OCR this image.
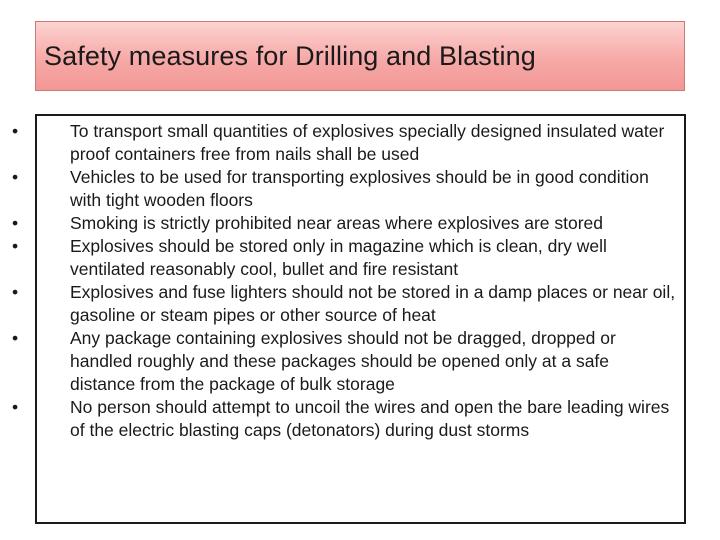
Safety measures for Drilling and Blasting
•	To transport small quantities of explosives specially designed insulated water proof containers free from nails shall be used
•	Vehicles to be used for transporting explosives should be in good condition with tight wooden floors
•	Smoking is strictly prohibited near areas where explosives are stored
•	Explosives should be stored only in magazine which is clean, dry well ventilated reasonably cool, bullet and fire resistant
•	Explosives and fuse lighters should not be stored in a damp places or near oil, gasoline or steam pipes or other source of heat
•	Any package containing explosives should not be dragged, dropped or handled roughly and these packages should be opened only at a safe distance from the package of bulk storage
•	No person should attempt to uncoil the wires and open the bare leading wires of the electric blasting caps (detonators) during dust storms
